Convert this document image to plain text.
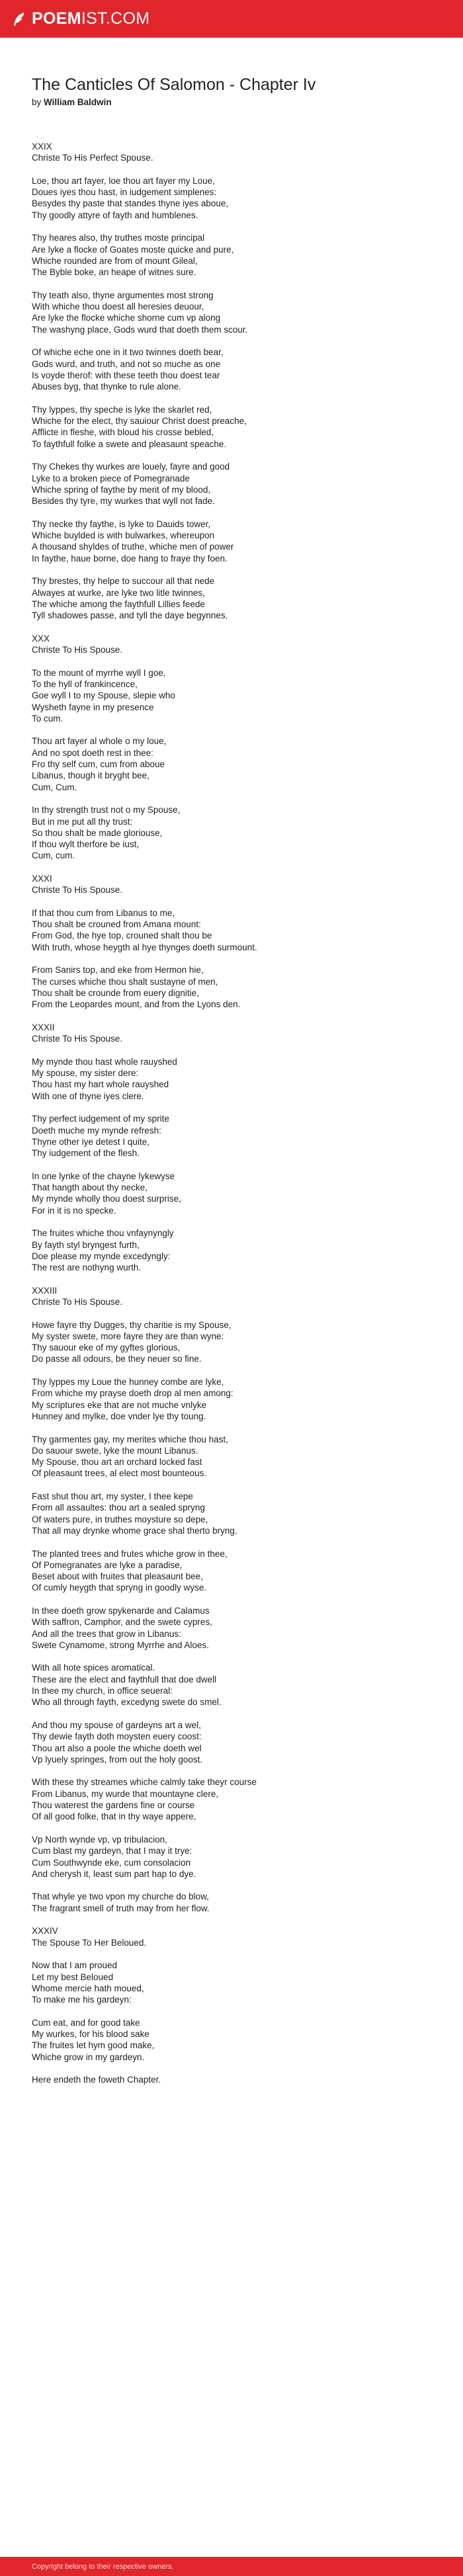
POEMIST.COM
The Canticles Of Salomon - Chapter Iv
by William Baldwin
XXIX
Christe To His Perfect Spouse.
Loe, thou art fayer, loe thou art fayer my Loue,
Doues iyes thou hast, in iudgement simplenes:
Besydes thy paste that standes thyne iyes aboue,
Thy goodly attyre of fayth and humblenes.
Thy heares also, thy truthes moste principal
Are lyke a flocke of Goates moste quicke and pure,
Whiche rounded are from of mount Gileal,
The Byble boke, an heape of witnes sure.
Thy teath also, thyne argumentes most strong
With whiche thou doest all heresies deuour,
Are lyke the flocke whiche shorne cum vp along
The washyng place, Gods wurd that doeth them scour.
Of whiche eche one in it two twinnes doeth bear,
Gods wurd, and truth, and not so muche as one
Is voyde therof: with these teeth thou doest tear
Abuses byg, that thynke to rule alone.
Thy lyppes, thy speche is lyke the skarlet red,
Whiche for the elect, thy sauiour Christ doest preache,
Afflicte in fleshe, with bloud his crosse bebled,
To faythfull folke a swete and pleasaunt speache.
Thy Chekes thy wurkes are louely, fayre and good
Lyke to a broken piece of Pomegranade
Whiche spring of faythe by merit of my blood,
Besides thy tyre, my wurkes that wyll not fade.
Thy necke thy faythe, is lyke to Dauids tower,
Whiche buylded is with bulwarkes, whereupon
A thousand shyldes of truthe, whiche men of power
In faythe, haue borne, doe hang to fraye thy foen.
Thy brestes, thy helpe to succour all that nede
Alwayes at wurke, are lyke two litle twinnes,
The whiche among the faythfull Lillies feede
Tyll shadowes passe, and tyll the daye begynnes.
XXX
Christe To His Spouse.
To the mount of myrrhe wyll I goe,
To the hyll of frankincence,
Goe wyll I to my Spouse, slepie who
Wysheth fayne in my presence
To cum.
Thou art fayer al whole o my loue,
And no spot doeth rest in thee:
Fro thy self cum, cum from aboue
Libanus, though it bryght bee,
Cum, Cum.
In thy strength trust not o my Spouse,
But in me put all thy trust:
So thou shalt be made gloriouse,
If thou wylt therfore be iust,
Cum, cum.
XXXI
Christe To His Spouse.
If that thou cum from Libanus to me,
Thou shalt be crouned from Amana mount:
From God, the hye top, crouned shalt thou be
With truth, whose heygth al hye thynges doeth surmount.
From Sanirs top, and eke from Hermon hie,
The curses whiche thou shalt sustayne of men,
Thou shalt be crounde from euery dignitie,
From the Leopardes mount, and from the Lyons den.
XXXII
Christe To His Spouse.
My mynde thou hast whole rauyshed
My spouse, my sister dere:
Thou hast my hart whole rauyshed
With one of thyne iyes clere.
Thy perfect iudgement of my sprite
Doeth muche my mynde refresh:
Thyne other iye detest I quite,
Thy iudgement of the flesh.
In one lynke of the chayne lykewyse
That hangth about thy necke,
My mynde wholly thou doest surprise,
For in it is no specke.
The fruites whiche thou vnfaynyngly
By fayth styl bryngest furth,
Doe please my mynde excedyngly:
The rest are nothyng wurth.
XXXIII
Christe To His Spouse.
Howe fayre thy Dugges, thy charitie is my Spouse,
My syster swete, more fayre they are than wyne:
Thy sauour eke of my gyftes glorious,
Do passe all odours, be they neuer so fine.
Thy lyppes my Loue the hunney combe are lyke,
From whiche my prayse doeth drop al men among:
My scriptures eke that are not muche vnlyke
Hunney and mylke, doe vnder lye thy toung.
Thy garmentes gay, my merites whiche thou hast,
Do sauour swete, lyke the mount Libanus.
My Spouse, thou art an orchard locked fast
Of pleasaunt trees, al elect most bounteous.
Fast shut thou art, my syster, I thee kepe
From all assaultes: thou art a sealed spryng
Of waters pure, in truthes moysture so depe,
That all may drynke whome grace shal therto bryng.
The planted trees and frutes whiche grow in thee,
Of Pomegranates are lyke a paradise,
Beset about with fruites that pleasaunt bee,
Of cumly heygth that spryng in goodly wyse.
In thee doeth grow spykenarde and Calamus
With saffron, Camphor, and the swete cypres,
And all the trees that grow in Libanus:
Swete Cynamome, strong Myrrhe and Aloes.
With all hote spices aromatical.
These are the elect and faythfull that doe dwell
In thee my church, in office seueral:
Who all through fayth, excedyng swete do smel.
And thou my spouse of gardeyns art a wel,
Thy dewie fayth doth moysten euery coost:
Thou art also a poole the whiche doeth wel
Vp lyuely springes, from out the holy goost.
With these thy streames whiche calmly take theyr course
From Libanus, my wurde that mountayne clere,
Thou waterest the gardens fine or course
Of all good folke, that in thy waye appere,
Vp North wynde vp, vp tribulacion,
Cum blast my gardeyn, that I may it trye:
Cum Southwynde eke, cum consolacion
And cherysh it, least sum part hap to dye.
That whyle ye two vpon my churche do blow,
The fragrant smell of truth may from her flow.
XXXIV
The Spouse To Her Beloued.
Now that I am proued
Let my best Beloued
Whome mercie hath moued,
To make me his gardeyn:
Cum eat, and for good take
My wurkes, for his blood sake
The fruites let hym good make,
Whiche grow in my gardeyn.
Here endeth the foweth Chapter.
Copyright belong to their respective owners.
